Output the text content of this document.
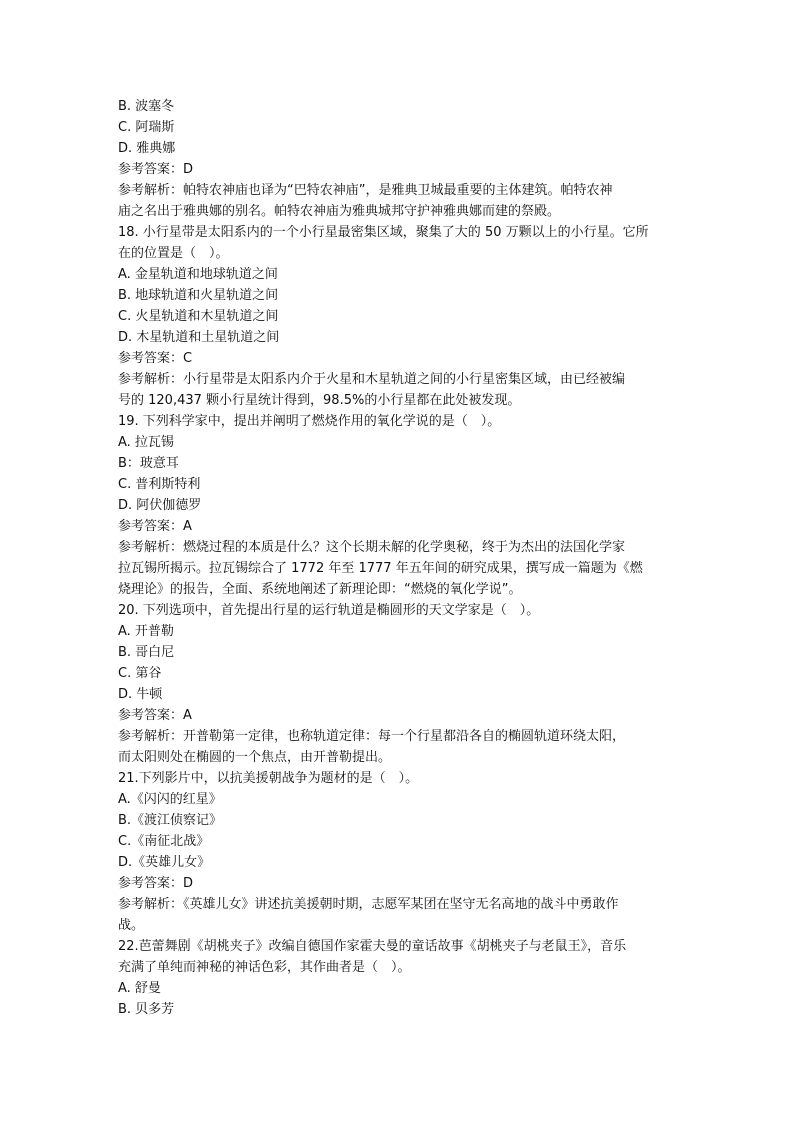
B. 波塞冬
C. 阿瑞斯
D. 雅典娜
参考答案：D
参考解析：帕特农神庙也译为“巴特农神庙”，是雅典卫城最重要的主体建筑。帕特农神
庙之名出于雅典娜的别名。帕特农神庙为雅典城邦守护神雅典娜而建的祭殿。
18. 小行星带是太阳系内的一个小行星最密集区域，聚集了大的 50 万颗以上的小行星。它所
在的位置是（　）。
A. 金星轨道和地球轨道之间
B. 地球轨道和火星轨道之间
C. 火星轨道和木星轨道之间
D. 木星轨道和土星轨道之间
参考答案：C
参考解析：小行星带是太阳系内介于火星和木星轨道之间的小行星密集区域，由已经被编
号的 120,437 颗小行星统计得到，98.5%的小行星都在此处被发现。
19. 下列科学家中，提出并阐明了燃烧作用的氧化学说的是（　）。
A. 拉瓦锡
B：玻意耳
C. 普利斯特利
D. 阿伏伽德罗
参考答案：A
参考解析：燃烧过程的本质是什么？这个长期未解的化学奥秘，终于为杰出的法国化学家
拉瓦锡所揭示。拉瓦锡综合了 1772 年至 1777 年五年间的研究成果，撰写成一篇题为《燃
烧理论》的报告，全面、系统地阐述了新理论即：“燃烧的氧化学说”。
20. 下列选项中，首先提出行星的运行轨道是椭圆形的天文学家是（　）。
A. 开普勒
B. 哥白尼
C. 第谷
D. 牛顿
参考答案：A
参考解析：开普勒第一定律，也称轨道定律：每一个行星都沿各自的椭圆轨道环绕太阳，
而太阳则处在椭圆的一个焦点，由开普勒提出。
21.下列影片中，以抗美援朝战争为题材的是（　）。
A.《闪闪的红星》
B.《渡江侦察记》
C.《南征北战》
D.《英雄儿女》
参考答案：D
参考解析：《英雄儿女》讲述抗美援朝时期，志愿军某团在坚守无名高地的战斗中勇敢作
战。
22.芭蕾舞剧《胡桃夹子》改编自德国作家霍夫曼的童话故事《胡桃夹子与老鼠王》，音乐
充满了单纯而神秘的神话色彩，其作曲者是（　）。
A. 舒曼
B. 贝多芳
